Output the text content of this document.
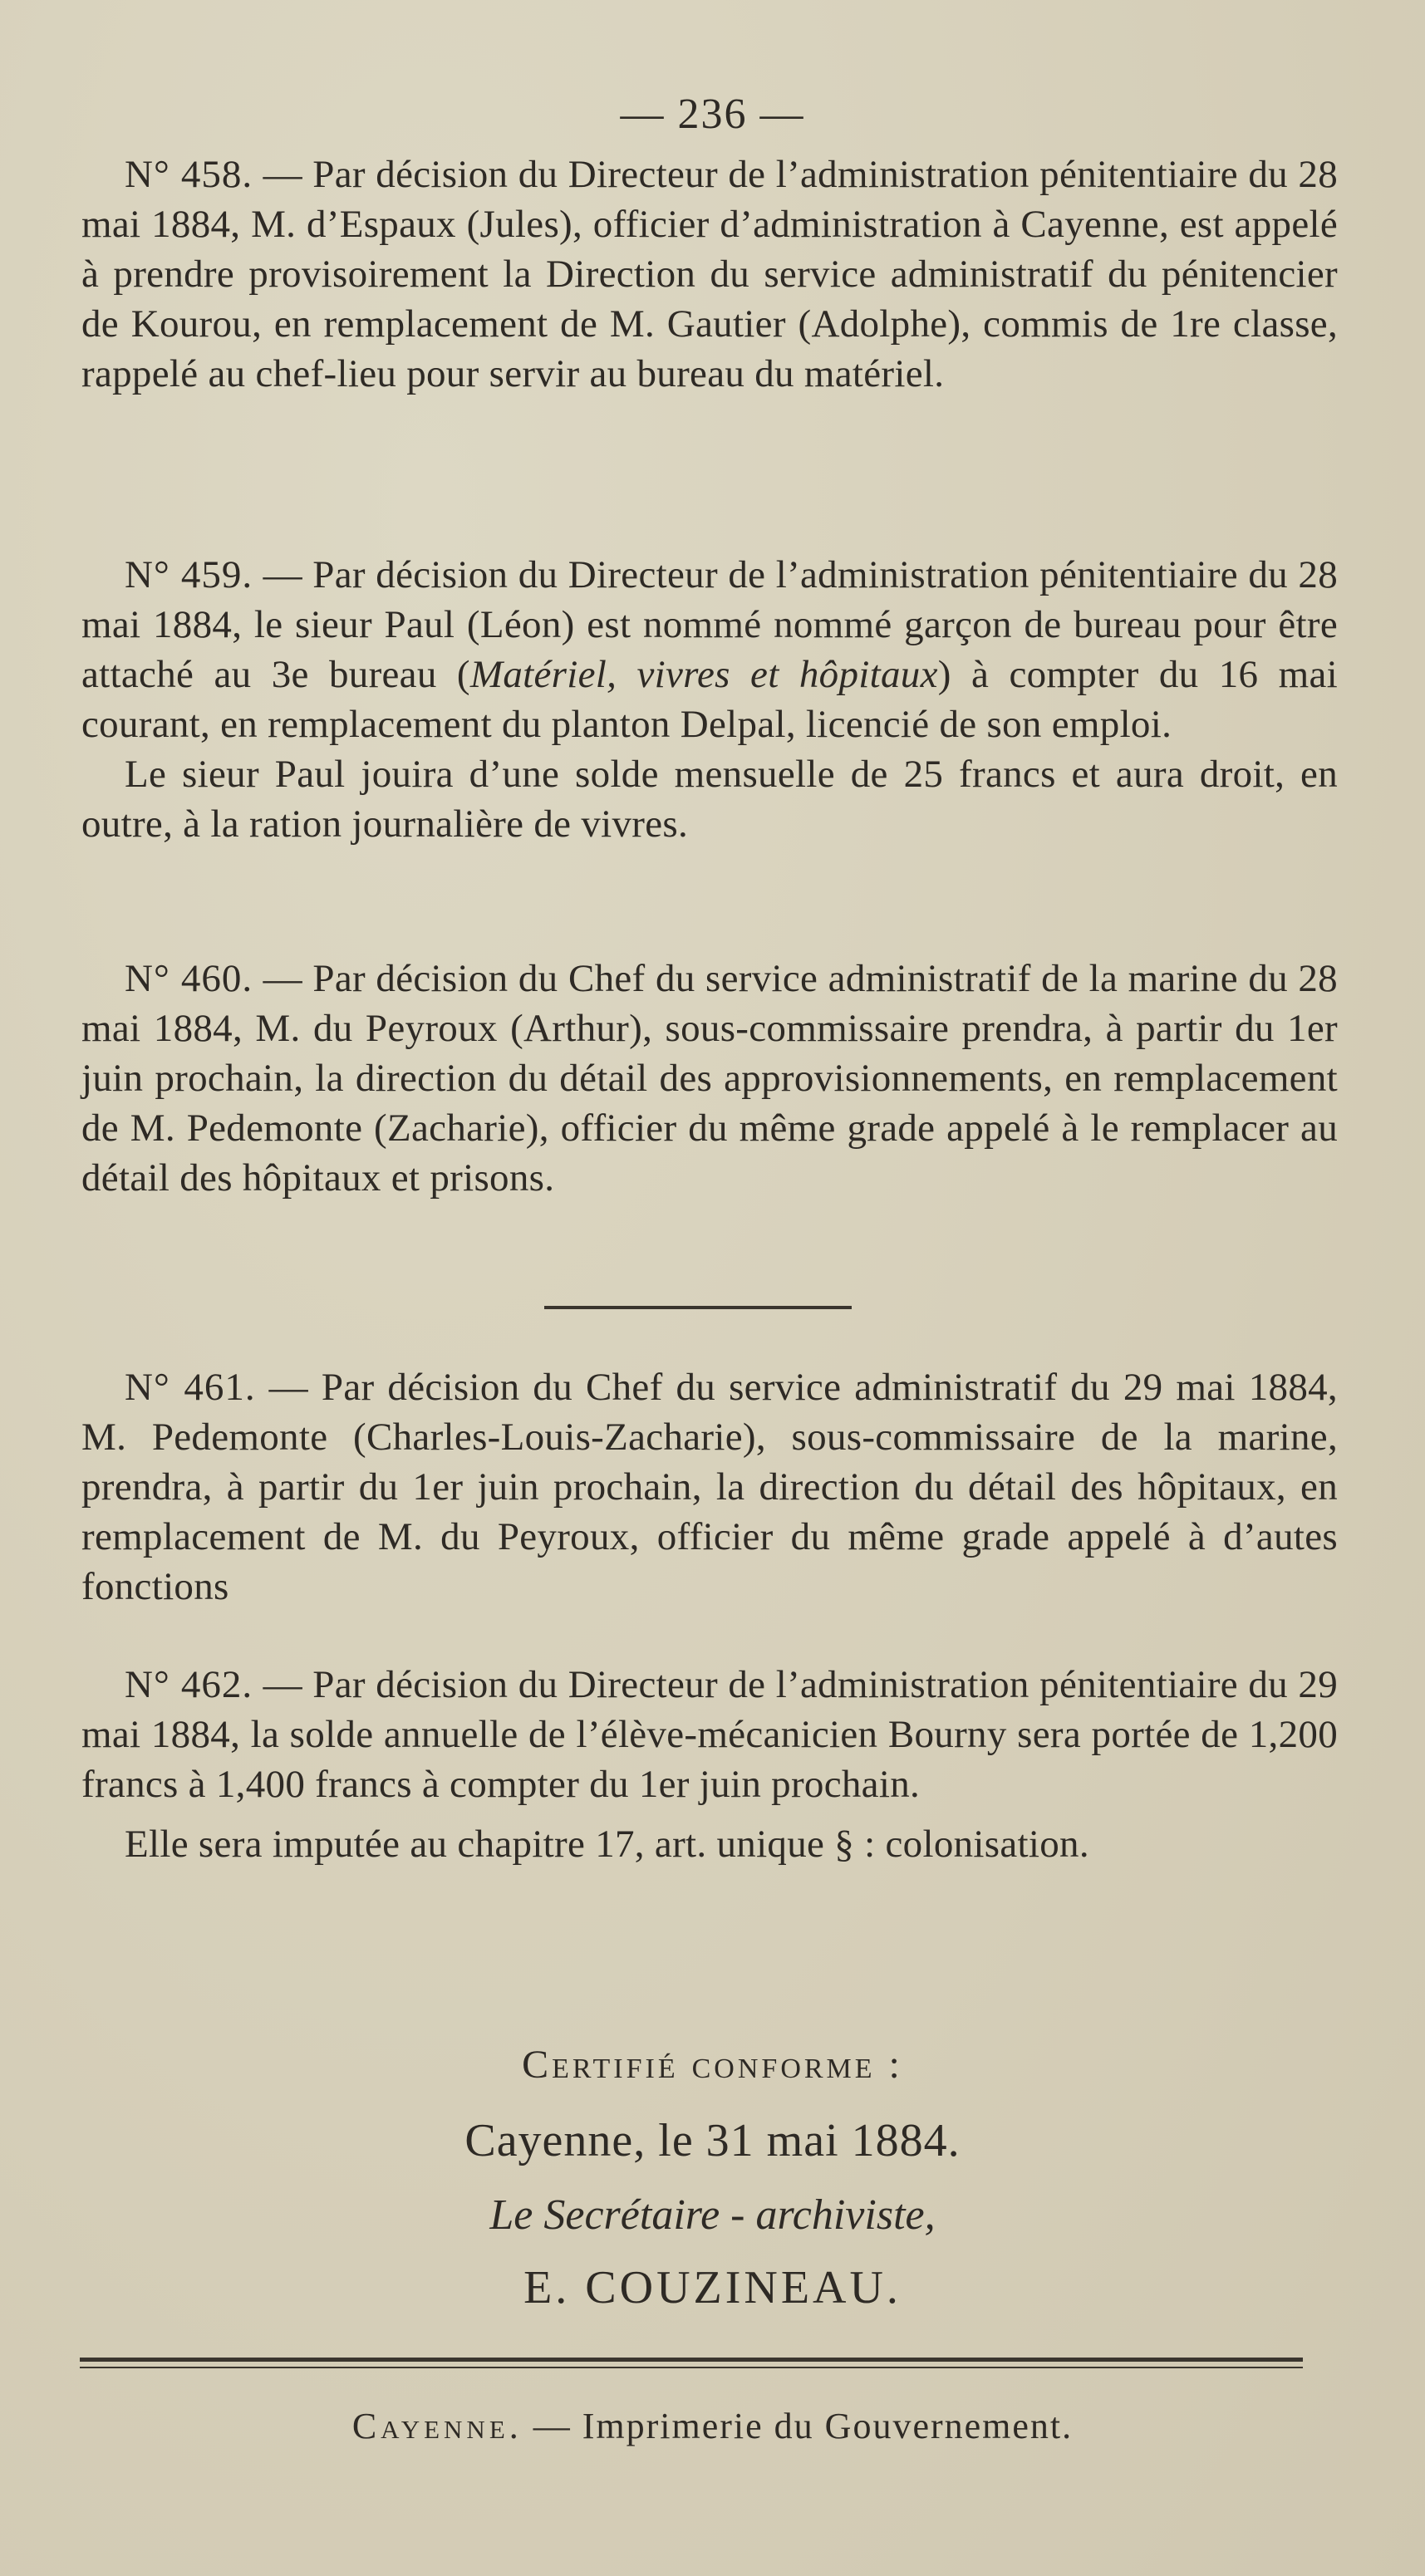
— 236 —

N° 458. — Par décision du Directeur de l’administration pénitentiaire du 28 mai 1884, M. d’Espaux (Jules), officier d’administration à Cayenne, est appelé à prendre provisoirement la Direction du service administratif du pénitencier de Kourou, en remplacement de M. Gautier (Adolphe), commis de 1re classe, rappelé au chef-lieu pour servir au bureau du matériel.

N° 459. — Par décision du Directeur de l’administration pénitentiaire du 28 mai 1884, le sieur Paul (Léon) est nommé nommé garçon de bureau pour être attaché au 3e bureau (Matériel, vivres et hôpitaux) à compter du 16 mai courant, en remplacement du planton Delpal, licencié de son emploi.

Le sieur Paul jouira d’une solde mensuelle de 25 francs et aura droit, en outre, à la ration journalière de vivres.

N° 460. — Par décision du Chef du service administratif de la marine du 28 mai 1884, M. du Peyroux (Arthur), sous-commissaire prendra, à partir du 1er juin prochain, la direction du détail des approvisionnements, en remplacement de M. Pedemonte (Zacharie), officier du même grade appelé à le remplacer au détail des hôpitaux et prisons.

N° 461. — Par décision du Chef du service administratif du 29 mai 1884, M. Pedemonte (Charles-Louis-Zacharie), sous-commissaire de la marine, prendra, à partir du 1er juin prochain, la direction du détail des hôpitaux, en remplacement de M. du Peyroux, officier du même grade appelé à d’autes fonctions

N° 462. — Par décision du Directeur de l’administration pénitentiaire du 29 mai 1884, la solde annuelle de l’élève-mécanicien Bourny sera portée de 1,200 francs à 1,400 francs à compter du 1er juin prochain.

Elle sera imputée au chapitre 17, art. unique § : colonisation.

Certifié conforme :
Cayenne, le 31 mai 1884.
Le Secrétaire - archiviste,
E. COUZINEAU.
Cayenne. — Imprimerie du Gouvernement.
